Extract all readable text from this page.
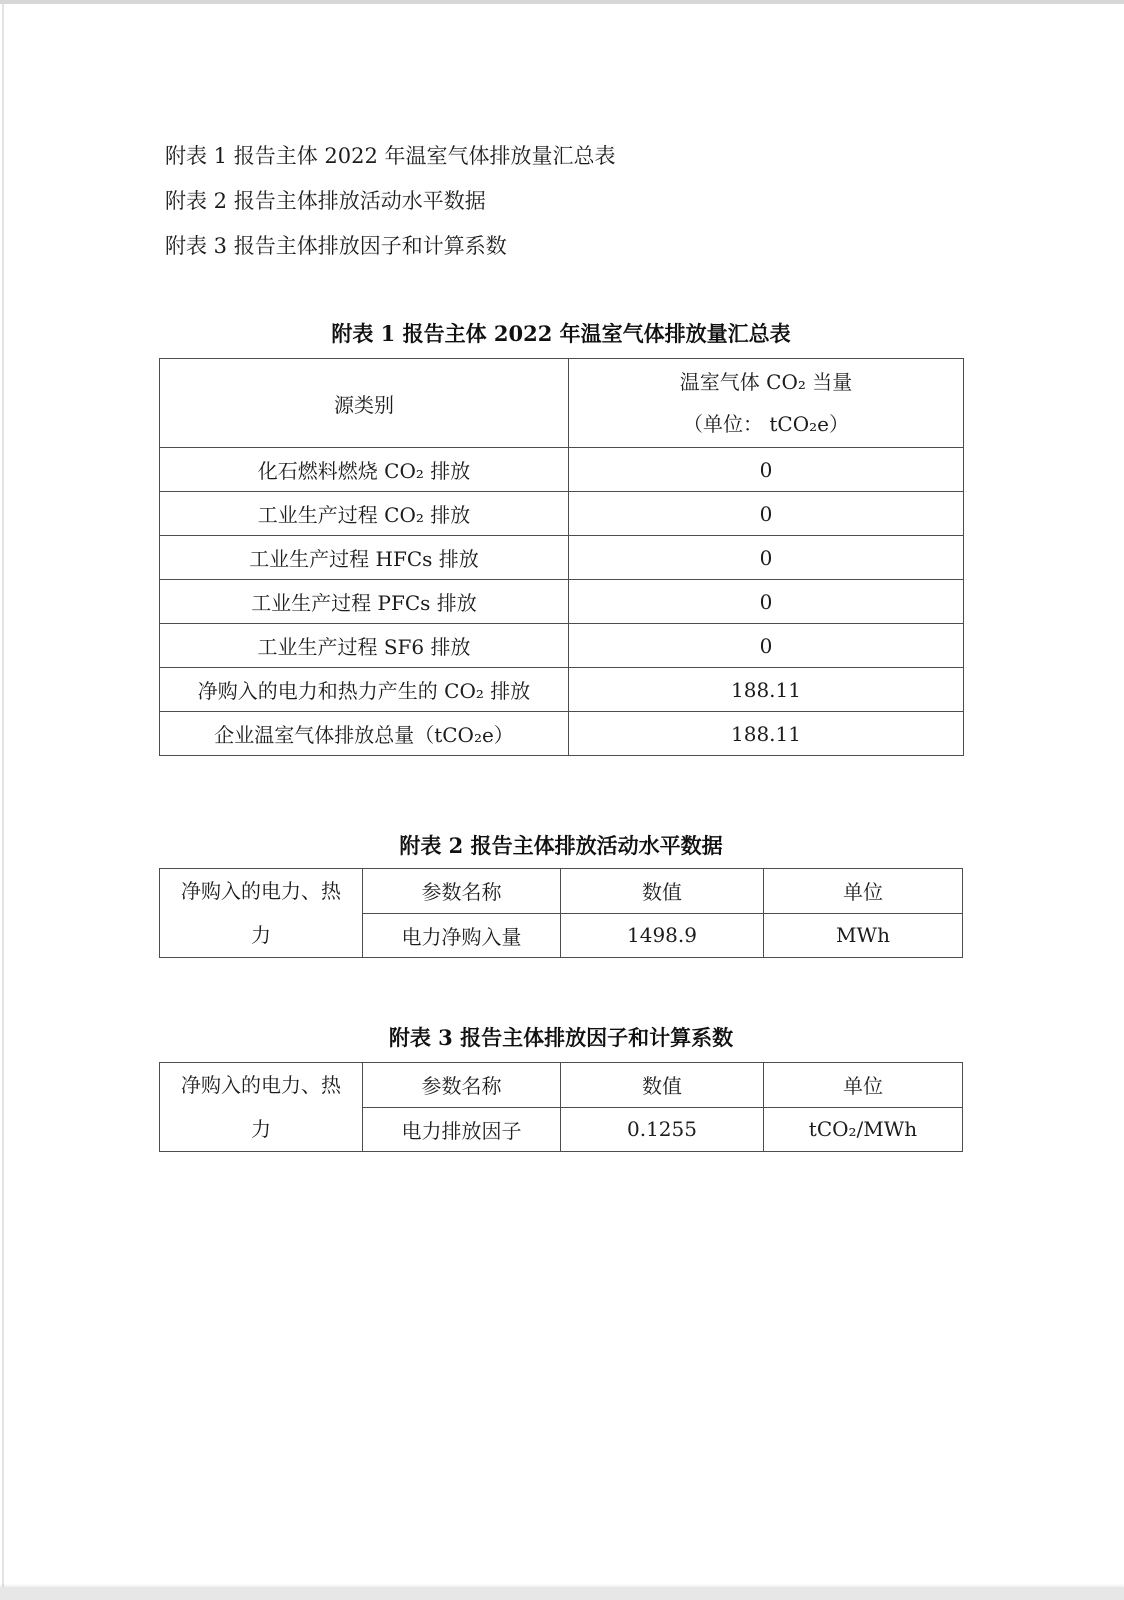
附表 1 报告主体 2022 年温室气体排放量汇总表
附表 2 报告主体排放活动水平数据
附表 3 报告主体排放因子和计算系数
附表 1 报告主体 2022 年温室气体排放量汇总表
源类别	温室气体 CO₂ 当量
（单位： tCO₂e）

化石燃料燃烧 CO₂ 排放	0
工业生产过程 CO₂ 排放	0
工业生产过程 HFCs 排放	0
工业生产过程 PFCs 排放	0
工业生产过程 SF6 排放	0
净购入的电力和热力产生的 CO₂ 排放	188.11
企业温室气体排放总量（tCO₂e）	188.11
附表 2 报告主体排放活动水平数据
净购入的电力、热力	参数名称	数值	单位
	电力净购入量	1498.9	MWh
附表 3 报告主体排放因子和计算系数
净购入的电力、热力	参数名称	数值	单位
	电力排放因子	0.1255	tCO₂/MWh
